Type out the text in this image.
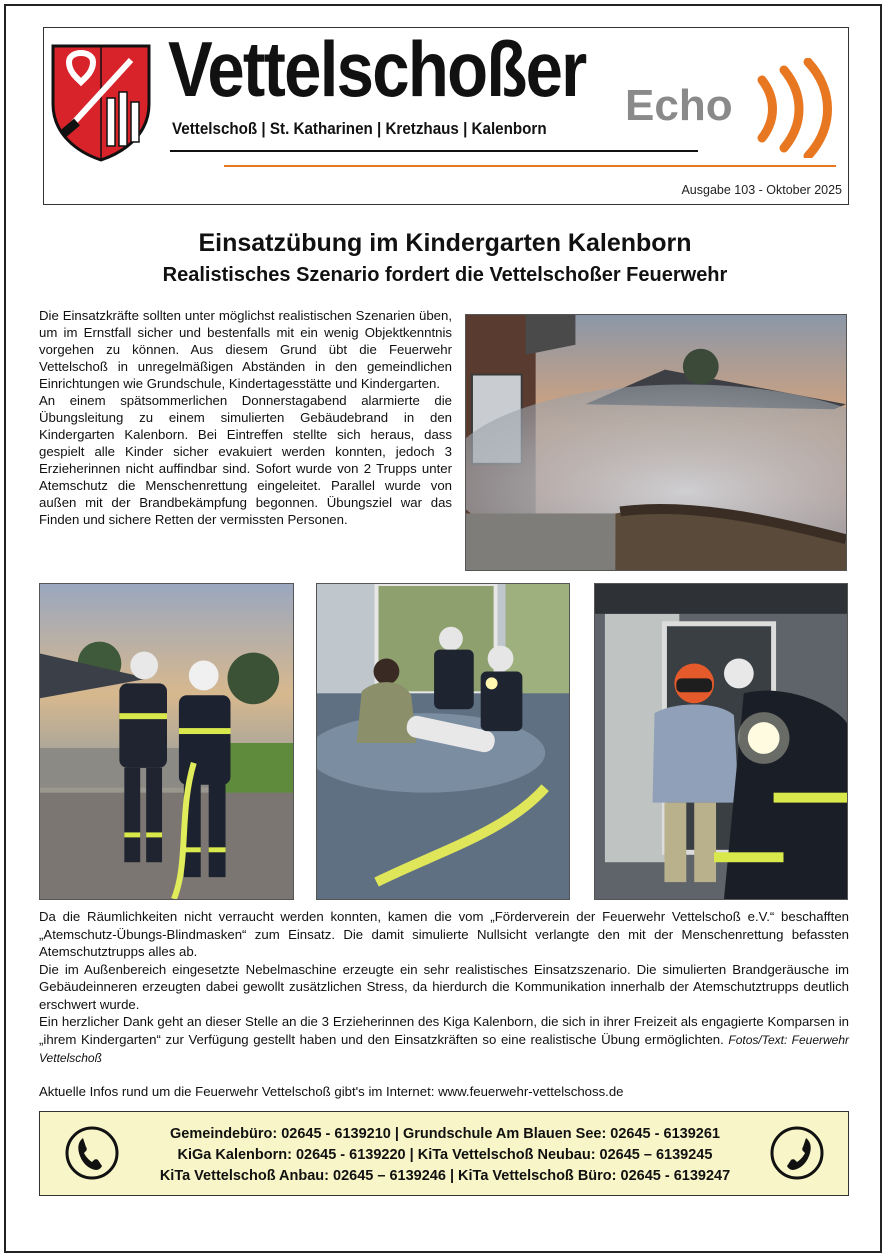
Vettelschoßer Echo
Vettelschoß | St. Katharinen | Kretzhaus | Kalenborn
Ausgabe 103 - Oktober 2025
Einsatzübung im Kindergarten Kalenborn
Realistisches Szenario fordert die Vettelschoßer Feuerwehr

Die Einsatzkräfte sollten unter möglichst realistischen Szenarien üben, um im Ernstfall sicher und bestenfalls mit ein wenig Objektkenntnis vorgehen zu können. Aus diesem Grund übt die Feuerwehr Vettelschoß in unregelmäßigen Abständen in den gemeindlichen Einrichtungen wie Grundschule, Kindertagesstätte und Kindergarten.

An einem spätsommerlichen Donnerstagabend alarmierte die Übungsleitung zu einem simulierten Gebäudebrand in den Kindergarten Kalenborn. Bei Eintreffen stellte sich heraus, dass gespielt alle Kinder sicher evakuiert werden konnten, jedoch 3 Erzieherinnen nicht auffindbar sind. Sofort wurde von 2 Trupps unter Atemschutz die Menschenrettung eingeleitet. Parallel wurde von außen mit der Brandbekämpfung begonnen. Übungsziel war das Finden und sichere Retten der vermissten Personen.

Da die Räumlichkeiten nicht verraucht werden konnten, kamen die vom „Förderverein der Feuerwehr Vettelschoß e.V.“ beschafften „Atemschutz-Übungs-Blindmasken“ zum Einsatz. Die damit simulierte Nullsicht verlangte den mit der Menschenrettung befassten Atemschutztrupps alles ab.

Die im Außenbereich eingesetzte Nebelmaschine erzeugte ein sehr realistisches Einsatzszenario. Die simulierten Brandgeräusche im Gebäudeinneren erzeugten dabei gewollt zusätzlichen Stress, da hierdurch die Kommunikation innerhalb der Atemschutztrupps deutlich erschwert wurde.

Ein herzlicher Dank geht an dieser Stelle an die 3 Erzieherinnen des Kiga Kalenborn, die sich in ihrer Freizeit als engagierte Komparsen in „ihrem Kindergarten“ zur Verfügung gestellt haben und den Einsatzkräften so eine realistische Übung ermöglichten. Fotos/Text: Feuerwehr Vettelschoß

Aktuelle Infos rund um die Feuerwehr Vettelschoß gibt's im Internet: www.feuerwehr-vettelschoss.de
Gemeindebüro: 02645 - 6139210 | Grundschule Am Blauen See: 02645 - 6139261
KiGa Kalenborn: 02645 - 6139220 | KiTa Vettelschoß Neubau: 02645 – 6139245
KiTa Vettelschoß Anbau: 02645 – 6139246 | KiTa Vettelschoß Büro: 02645 - 6139247
